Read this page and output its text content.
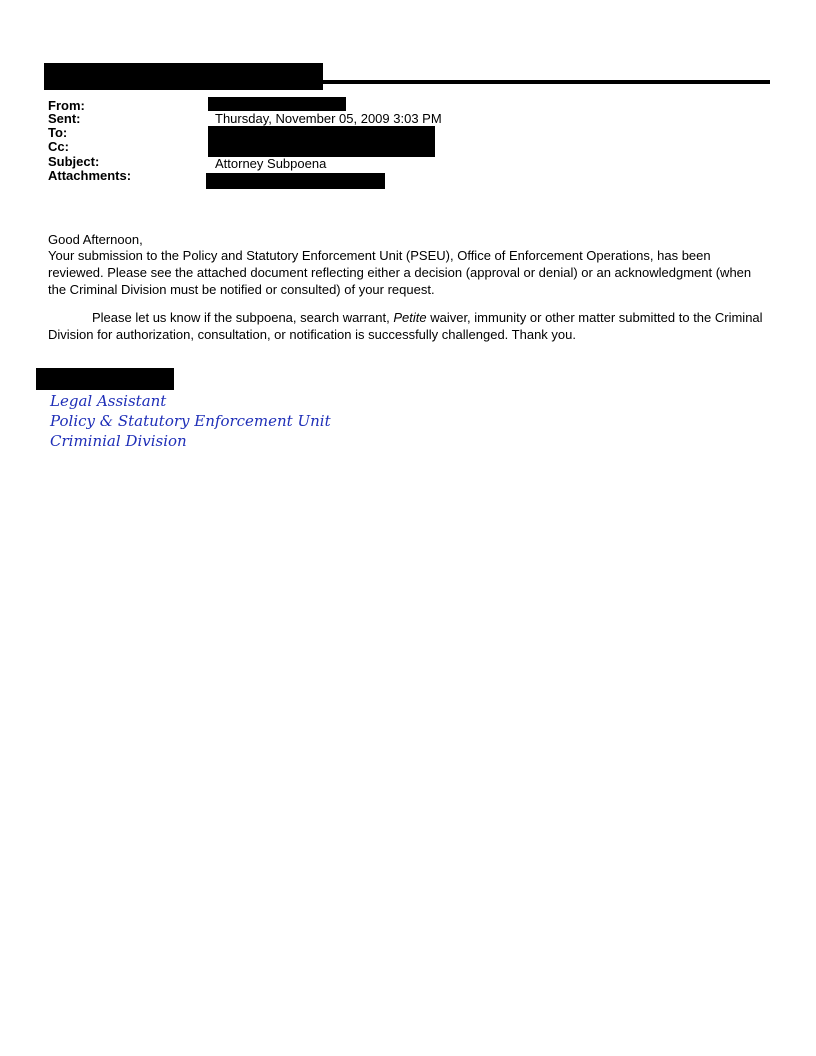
From:
Sent:
To:
Cc:
Subject:
Attachments:
Thursday, November 05, 2009 3:03 PM
Attorney Subpoena

Good Afternoon,

Your submission to the Policy and Statutory Enforcement Unit (PSEU), Office of Enforcement Operations, has been reviewed. Please see the attached document reflecting either a decision (approval or denial) or an acknowledgment (when the Criminal Division must be notified or consulted) of your request.

Please let us know if the subpoena, search warrant, Petite waiver, immunity or other matter submitted to the Criminal Division for authorization, consultation, or notification is successfully challenged. Thank you.

Legal Assistant
Policy & Statutory Enforcement Unit
Criminial Division
